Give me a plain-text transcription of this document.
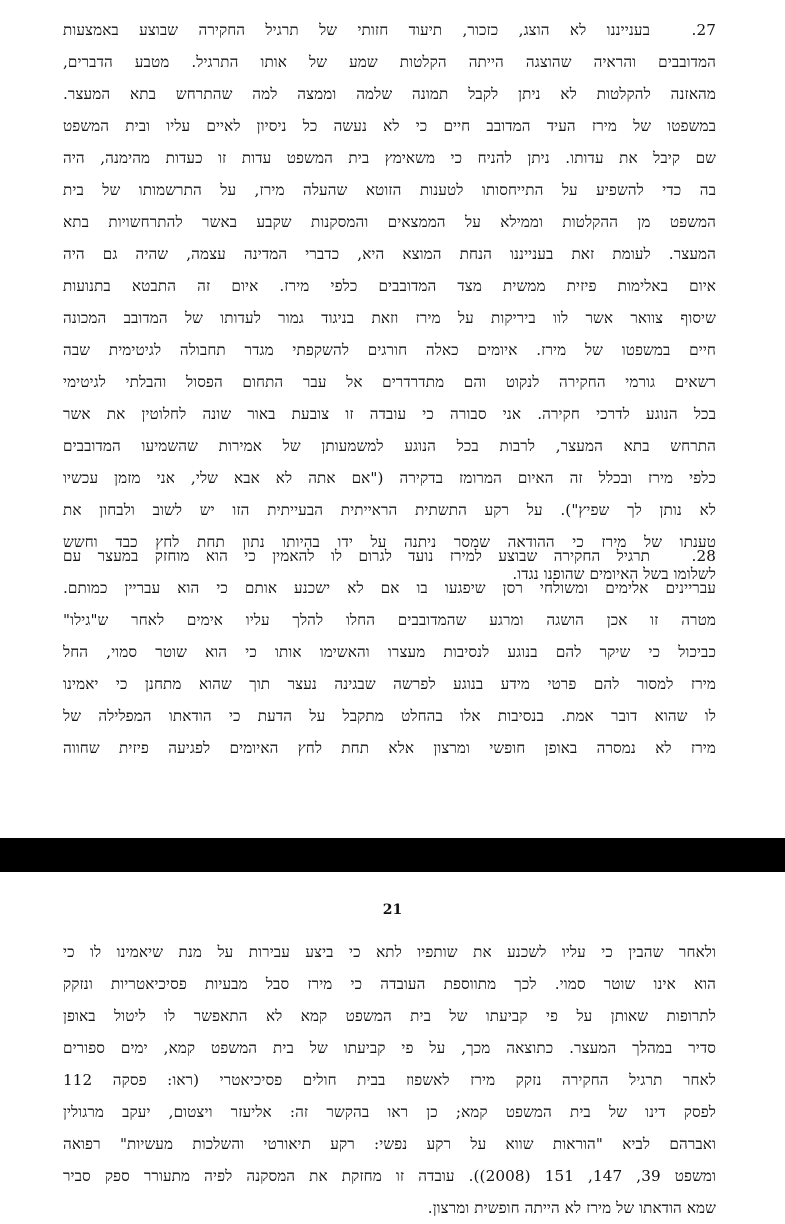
27.בענייננו לא הוצג, כזכור, תיעוד חזותי של תרגיל החקירה שבוצע באמצעות
המדובבים והראיה שהוצגה הייתה הקלטות שמע של אותו התרגיל. מטבע הדברים,
מהאזנה להקלטות לא ניתן לקבל תמונה שלמה וממצה למה שהתרחש בתא המעצר.
במשפטו של מירז העיד המדובב חיים כי לא נעשה כל ניסיון לאיים עליו ובית המשפט
שם קיבל את עדותו. ניתן להניח כי משאימץ בית המשפט עדות זו כעדות מהימנה, היה
בה כדי להשפיע על התייחסותו לטענות הזוטא שהעלה מירז, על התרשמותו של בית
המשפט מן ההקלטות וממילא על הממצאים והמסקנות שקבע באשר להתרחשויות בתא
המעצר. לעומת זאת בענייננו הנחת המוצא היא, כדברי המדינה עצמה, שהיה גם היה
איום באלימות פיזית ממשית מצד המדובבים כלפי מירז. איום זה התבטא בתנועות
שיסוף צוואר אשר לוו ביריקות על מירז וזאת בניגוד גמור לעדותו של המדובב המכונה
חיים במשפטו של מירז. איומים כאלה חורגים להשקפתי מגדר תחבולה לגיטימית שבה
רשאים גורמי החקירה לנקוט והם מתדרדרים אל עבר התחום הפסול והבלתי לגיטימי
בכל הנוגע לדרכי חקירה. אני סבורה כי עובדה זו צובעת באור שונה לחלוטין את אשר
התרחש בתא המעצר, לרבות בכל הנוגע למשמעותן של אמירות שהשמיעו המדובבים
כלפי מירז ובכלל זה האיום המרומז בדקירה ("אם אתה לא אבא שלי, אני מזמן עכשיו
לא נותן לך שפיץ"). על רקע התשתית הראייתית הבעייתית הזו יש לשוב ולבחון את
טענתו של מירז כי ההודאה שמסר ניתנה על ידו בהיותו נתון תחת לחץ כבד וחשש
לשלומו בשל האיומים שהופנו נגדו.
28.תרגיל החקירה שבוצע למירז נועד לגרום לו להאמין כי הוא מוחזק במעצר עם
עבריינים אלימים ומשולחי רסן שיפגעו בו אם לא ישכנע אותם כי הוא עבריין כמותם.
מטרה זו אכן הושגה ומרגע שהמדובבים החלו להלך עליו אימים לאחר ש"גילו"
כביכול כי שיקר להם בנוגע לנסיבות מעצרו והאשימו אותו כי הוא שוטר סמוי, החל
מירז למסור להם פרטי מידע בנוגע לפרשה שבגינה נעצר תוך שהוא מתחנן כי יאמינו
לו שהוא דובר אמת. בנסיבות אלו בהחלט מתקבל על הדעת כי הודאתו המפלילה של
מירז לא נמסרה באופן חופשי ומרצון אלא תחת לחץ האיומים לפגיעה פיזית שחווה
21
ולאחר שהבין כי עליו לשכנע את שותפיו לתא כי ביצע עבירות על מנת שיאמינו לו כי
הוא אינו שוטר סמוי. לכך מתווספת העובדה כי מירז סבל מבעיות פסיכיאטריות ונזקק
לתרופות שאותן על פי קביעתו של בית המשפט קמא לא התאפשר לו ליטול באופן
סדיר במהלך המעצר. כתוצאה מכך, על פי קביעתו של בית המשפט קמא, ימים ספורים
לאחר תרגיל החקירה נזקק מירז לאשפוז בבית חולים פסיכיאטרי (ראו: פסקה 112
לפסק דינו של בית המשפט קמא; כן ראו בהקשר זה: אליעזר ויצטום, יעקב מרגולין
ואברהם לביא "הוראות שווא על רקע נפשי: רקע תיאורטי והשלכות מעשיות" רפואה
ומשפט 39, 147, 151 (2008)). עובדה זו מחזקת את המסקנה לפיה מתעורר ספק סביר
שמא הודאתו של מירז לא הייתה חופשית ומרצון.
